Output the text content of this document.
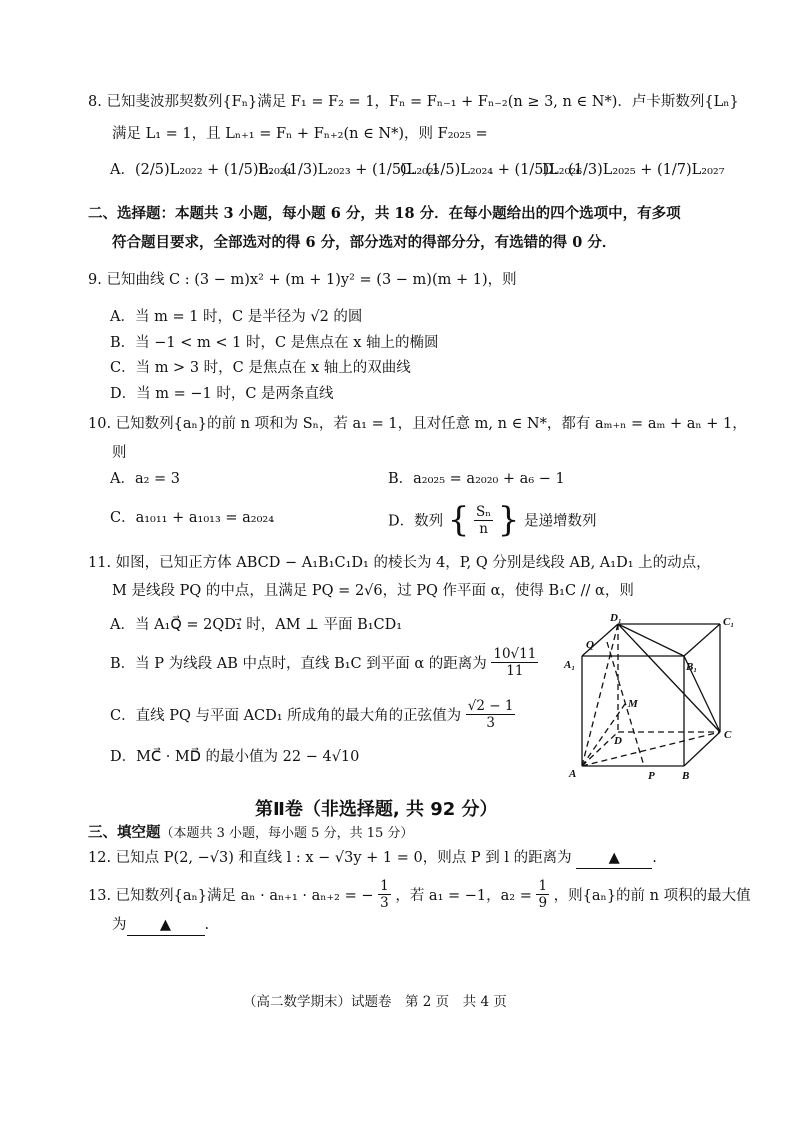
8. 已知斐波那契数列{Fₙ}满足 F₁ = F₂ = 1，Fₙ = Fₙ₋₁ + Fₙ₋₂(n ≥ 3, n ∈ N*)．卢卡斯数列{Lₙ}
满足 L₁ = 1，且 Lₙ₊₁ = Fₙ + Fₙ₊₂(n ∈ N*)，则 F₂₀₂₅ =
A．(2/5)L₂₀₂₂ + (1/5)L₂₀₂₄
B．(1/3)L₂₀₂₃ + (1/5)L₂₀₂₅
C．(1/5)L₂₀₂₄ + (1/5)L₂₀₂₆
D．(1/3)L₂₀₂₅ + (1/7)L₂₀₂₇
二、选择题：本题共 3 小题，每小题 6 分，共 18 分．在每小题给出的四个选项中，有多项
符合题目要求，全部选对的得 6 分，部分选对的得部分分，有选错的得 0 分．
9. 已知曲线 C : (3 − m)x² + (m + 1)y² = (3 − m)(m + 1)，则
A．当 m = 1 时，C 是半径为 √2 的圆
B．当 −1 < m < 1 时，C 是焦点在 x 轴上的椭圆
C．当 m > 3 时，C 是焦点在 x 轴上的双曲线
D．当 m = −1 时，C 是两条直线
10. 已知数列{aₙ}的前 n 项和为 Sₙ，若 a₁ = 1，且对任意 m, n ∈ N*，都有 aₘ₊ₙ = aₘ + aₙ + 1，
则
A．a₂ = 3	B．a₂₀₂₅ = a₂₀₂₀ + a₆ − 1
C．a₁₀₁₁ + a₁₀₁₃ = a₂₀₂₄	D．数列 { $\frac{\text{Sₙ}}{n}$ } 是递增数列
11. 如图，已知正方体 ABCD − A₁B₁C₁D₁ 的棱长为 4，P, Q 分别是线段 AB, A₁D₁ 上的动点，
M 是线段 PQ 的中点，且满足 PQ = 2√6，过 PQ 作平面 α，使得 B₁C // α，则
A．当 A₁Q⃗ = 2QD₁⃗ 时，AM ⊥ 平面 B₁CD₁
B．当 P 为线段 AB 中点时，直线 B₁C 到平面 α 的距离为 $\frac{10√11}{11}$
C．直线 PQ 与平面 ACD₁ 所成角的最大角的正弦值为 $\frac{√2 - 1}{3}$
D．MC⃗ · MD⃗ 的最小值为 22 − 4√10
D₁	C₁
A₁	B₁
Q
M
D	C
A	P B
第Ⅱ卷（非选择题, 共 92 分）
三、填空题（本题共 3 小题，每小题 5 分，共 15 分）
12. 已知点 P(2, −√3) 和直线 l : x − √3y + 1 = 0，则点 P 到 l 的距离为	▲ .
13. 已知数列{aₙ}满足 aₙ · aₙ₊₁ · aₙ₊₂ = − $\frac{1}{3}$ ，若 a₁ = −1，$a_2 = \frac{1}{9}$ ，则{aₙ}的前 n 项积的最大值
为 ▲ .
（高二数学期末）试题卷　第 2 页　共 4 页
